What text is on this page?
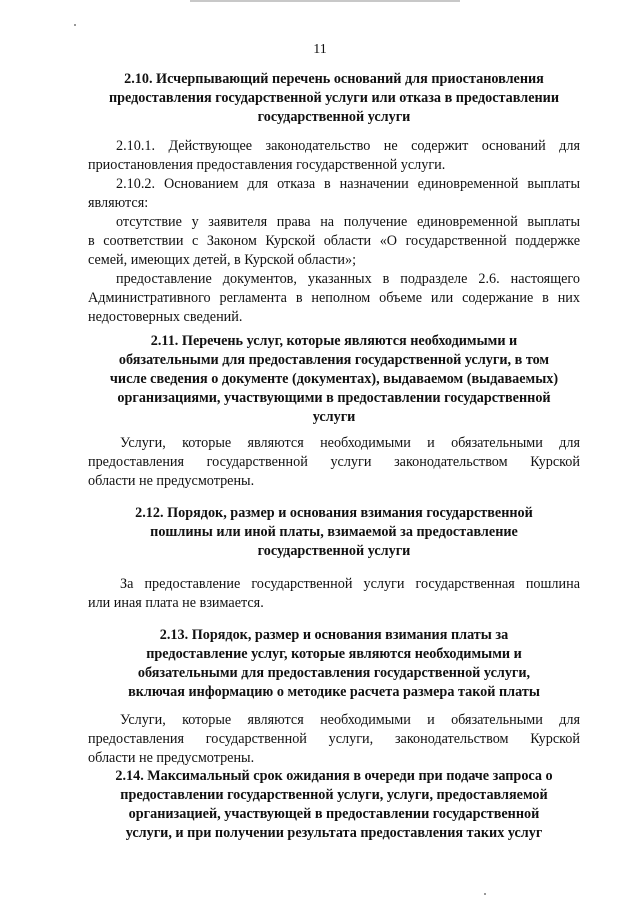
11
2.10. Исчерпывающий перечень оснований для приостановления
предоставления государственной услуги или отказа в предоставлении
государственной услуги
2.10.1. Действующее законодательство не содержит оснований для
приостановления предоставления государственной услуги.
2.10.2. Основанием для отказа в назначении единовременной выплаты
являются:
отсутствие у заявителя права на получение единовременной выплаты
в соответствии с Законом Курской области «О государственной поддержке
семей, имеющих детей, в Курской области»;
предоставление документов, указанных в подразделе 2.6. настоящего
Административного регламента в неполном объеме или содержание в них
недостоверных сведений.
2.11. Перечень услуг, которые являются необходимыми и
обязательными для предоставления государственной услуги, в том
числе сведения о документе (документах), выдаваемом (выдаваемых)
организациями, участвующими в предоставлении государственной
услуги
Услуги, которые являются необходимыми и обязательными для
предоставления государственной услуги законодательством Курской
области не предусмотрены.
2.12. Порядок, размер и основания взимания государственной
пошлины или иной платы, взимаемой за предоставление
государственной услуги
За предоставление государственной услуги государственная пошлина
или иная плата не взимается.
2.13. Порядок, размер и основания взимания платы за
предоставление услуг, которые являются необходимыми и
обязательными для предоставления государственной услуги,
включая информацию о методике расчета размера такой платы
Услуги, которые являются необходимыми и обязательными для
предоставления государственной услуги, законодательством Курской
области не предусмотрены.
2.14. Максимальный срок ожидания в очереди при подаче запроса о
предоставлении государственной услуги, услуги, предоставляемой
организацией, участвующей в предоставлении государственной
услуги, и при получении результата предоставления таких услуг
